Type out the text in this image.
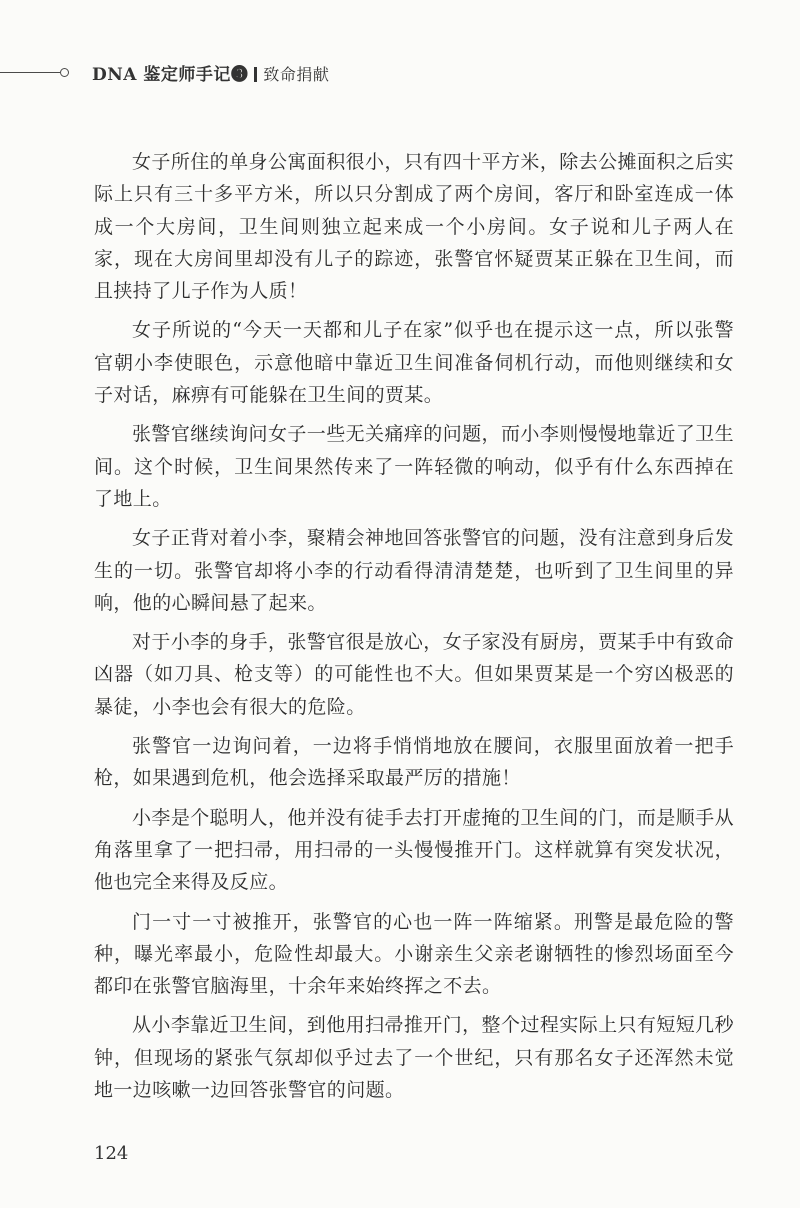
DNA 鉴定师手记❸ 致命捐献

女子所住的单身公寓面积很小，只有四十平方米，除去公摊面积之后实际上只有三十多平方米，所以只分割成了两个房间，客厅和卧室连成一体成一个大房间，卫生间则独立起来成一个小房间。女子说和儿子两人在家，现在大房间里却没有儿子的踪迹，张警官怀疑贾某正躲在卫生间，而且挟持了儿子作为人质！

女子所说的“今天一天都和儿子在家”似乎也在提示这一点，所以张警官朝小李使眼色，示意他暗中靠近卫生间准备伺机行动，而他则继续和女子对话，麻痹有可能躲在卫生间的贾某。

张警官继续询问女子一些无关痛痒的问题，而小李则慢慢地靠近了卫生间。这个时候，卫生间果然传来了一阵轻微的响动，似乎有什么东西掉在了地上。

女子正背对着小李，聚精会神地回答张警官的问题，没有注意到身后发生的一切。张警官却将小李的行动看得清清楚楚，也听到了卫生间里的异响，他的心瞬间悬了起来。

对于小李的身手，张警官很是放心，女子家没有厨房，贾某手中有致命凶器（如刀具、枪支等）的可能性也不大。但如果贾某是一个穷凶极恶的暴徒，小李也会有很大的危险。

张警官一边询问着，一边将手悄悄地放在腰间，衣服里面放着一把手枪，如果遇到危机，他会选择采取最严厉的措施！

小李是个聪明人，他并没有徒手去打开虚掩的卫生间的门，而是顺手从角落里拿了一把扫帚，用扫帚的一头慢慢推开门。这样就算有突发状况，他也完全来得及反应。

门一寸一寸被推开，张警官的心也一阵一阵缩紧。刑警是最危险的警种，曝光率最小，危险性却最大。小谢亲生父亲老谢牺牲的惨烈场面至今都印在张警官脑海里，十余年来始终挥之不去。

从小李靠近卫生间，到他用扫帚推开门，整个过程实际上只有短短几秒钟，但现场的紧张气氛却似乎过去了一个世纪，只有那名女子还浑然未觉地一边咳嗽一边回答张警官的问题。

124
